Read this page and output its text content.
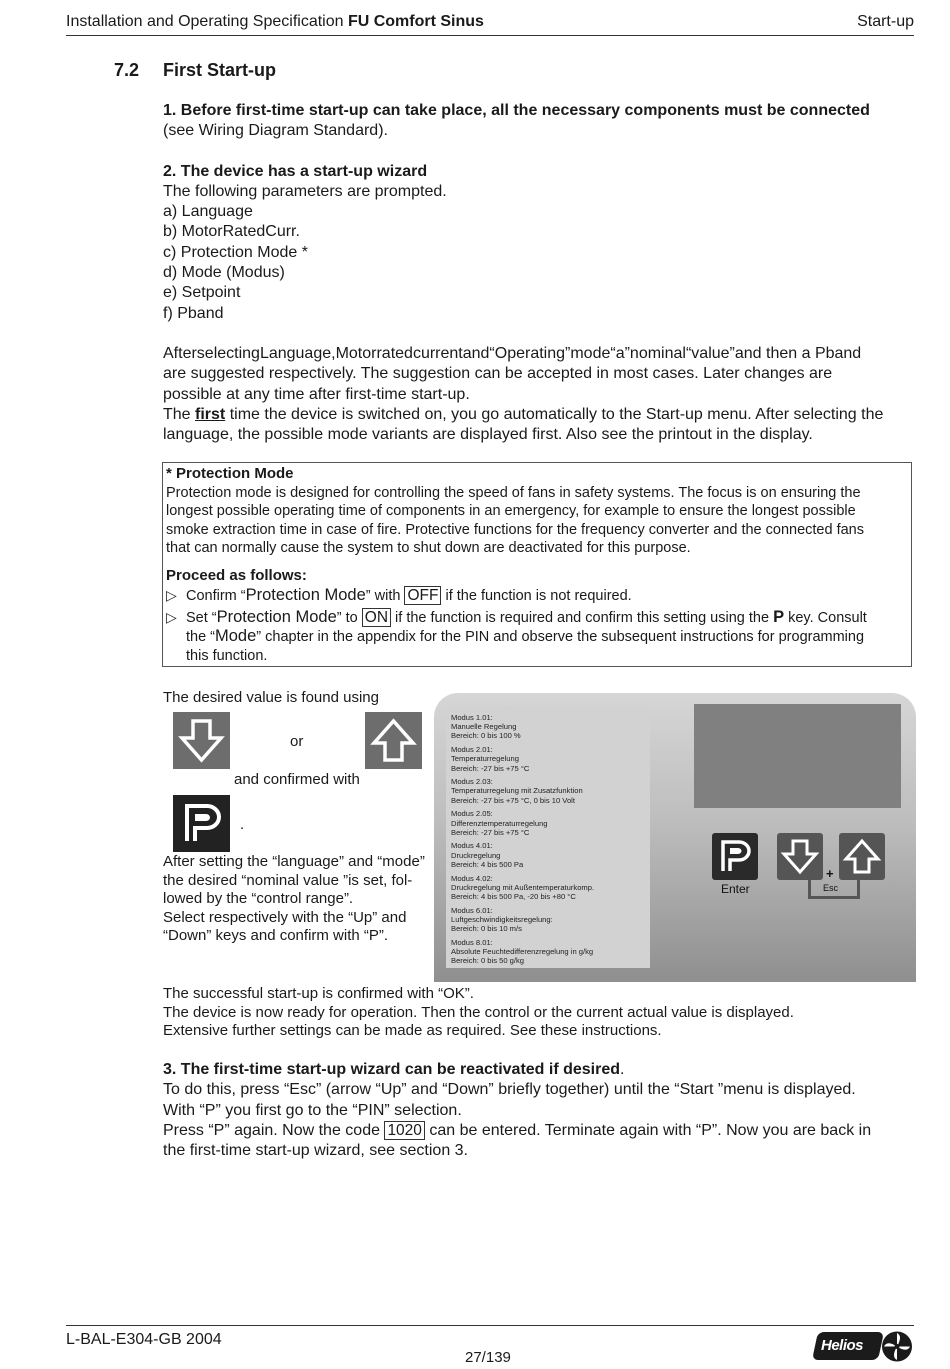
Installation and Operating Specification FU Comfort Sinus	Start-up
7.2 First Start-up
1. Before first-time start-up can take place, all the necessary components must be connected
(see Wiring Diagram Standard).
2. The device has a start-up wizard
The following parameters are prompted.
a) Language
b) MotorRatedCurr.
c) Protection Mode *
d) Mode (Modus)
e) Setpoint
f) Pband
AfterselectingLanguage,Motorratedcurrentand“Operating”mode“a”nominal“value”and then a Pband
are suggested respectively. The suggestion can be accepted in most cases. Later changes are
possible at any time after first-time start-up.
The first time the device is switched on, you go automatically to the Start-up menu. After selecting the
language, the possible mode variants are displayed first. Also see the printout in the display.
* Protection Mode
Protection mode is designed for controlling the speed of fans in safety systems. The focus is on ensuring the
longest possible operating time of components in an emergency, for example to ensure the longest possible
smoke extraction time in case of fire. Protective functions for the frequency converter and the connected fans
that can normally cause the system to shut down are deactivated for this purpose.
Proceed as follows:
▷ Confirm “Protection Mode” with OFF if the function is not required.
▷ Set “Protection Mode” to ON if the function is required and confirm this setting using the P key. Consult
the “Mode” chapter in the appendix for the PIN and observe the subsequent instructions for programming
this function.
The desired value is found using
or
and confirmed with
.
After setting the “language” and “mode”
the desired “nominal value ”is set, fol-
lowed by the “control range”.
Select respectively with the “Up” and
“Down” keys and confirm with “P”.
Modus 1.01:
Manuelle Regelung
Bereich: 0 bis 100 %
Modus 2.01:
Temperaturregelung
Bereich: -27 bis +75 °C
Modus 2.03:
Temperaturregelung mit Zusatzfunktion
Bereich: -27 bis +75 °C, 0 bis 10 Volt
Modus 2.05:
Differenztemperaturregelung
Bereich: -27 bis +75 °C
Modus 4.01:
Druckregelung
Bereich: 4 bis 500 Pa
Modus 4.02:
Druckregelung mit Außentemperaturkomp.
Bereich: 4 bis 500 Pa, -20 bis +80 °C
Modus 6.01:
Luftgeschwindigkeitsregelung:
Bereich: 0 bis 10 m/s
Modus 8.01:
Absolute Feuchtedifferenzregelung in g/kg
Bereich: 0 bis 50 g/kg
Enter
+
Esc
The successful start-up is confirmed with “OK”.
The device is now ready for operation. Then the control or the current actual value is displayed.
Extensive further settings can be made as required. See these instructions.
3. The first-time start-up wizard can be reactivated if desired.
To do this, press “Esc” (arrow “Up” and “Down” briefly together) until the “Start ”menu is displayed.
With “P” you first go to the “PIN” selection.
Press “P” again. Now the code 1020 can be entered. Terminate again with “P”. Now you are back in
the first-time start-up wizard, see section 3.
L-BAL-E304-GB 2004
27/139
Helios
